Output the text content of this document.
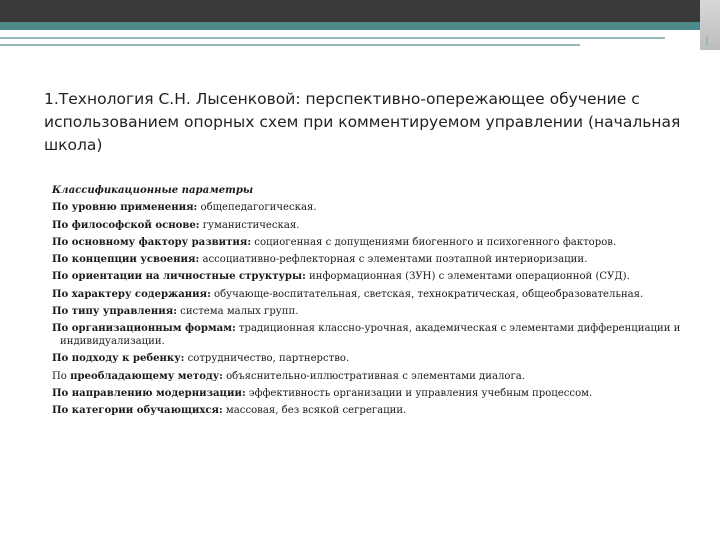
1.Технология С.Н. Лысенковой: перспективно-опережающее обучение с использованием опорных схем при комментируемом управлении (начальная школа)
Классификационные параметры
По уровню применения: общепедагогическая.
По философской основе: гуманистическая.
По основному фактору развития: социогенная с допущениями биогенного и психогенного факторов.
По концепции усвоения: ассоциативно-рефлекторная с элементами поэтапной интериоризации.
По ориентации на личностные структуры: информационная (ЗУН) с элементами операционной (СУД).
По характеру содержания: обучающе-воспитательная, светская, технократическая, общеобразовательная.
По типу управления: система малых групп.
По организационным формам: традиционная классно-урочная, академическая с элементами дифференциации и индивидуализации.
По подходу к ребенку: сотрудничество, партнерство.
По преобладающему методу: объяснительно-иллюстративная с элементами диалога.
По направлению модернизации: эффективность организации и управления учебным процессом.
По категории обучающихся: массовая, без всякой сегрегации.
